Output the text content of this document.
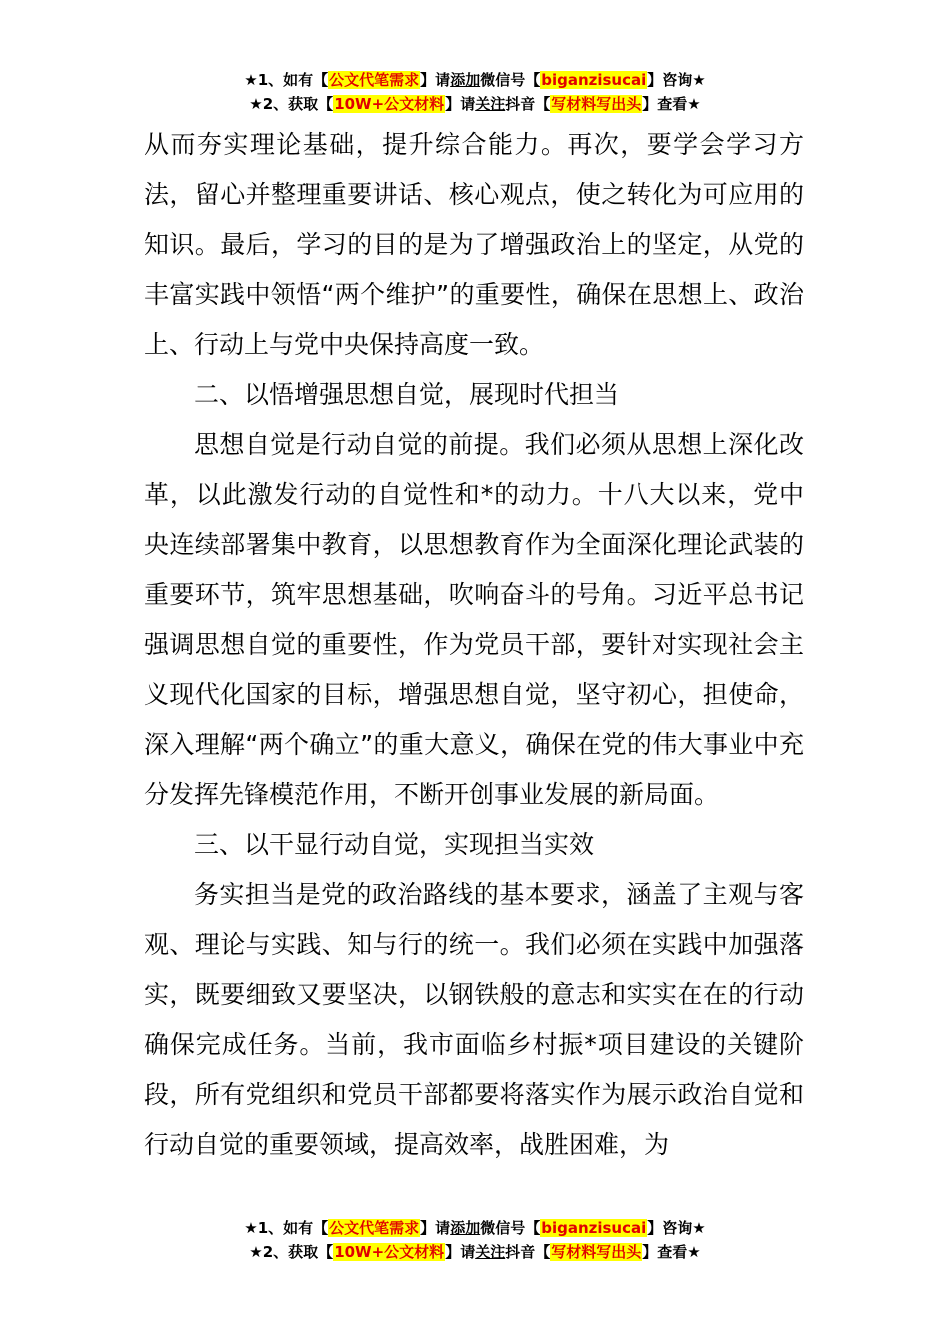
★1、如有【公文代笔需求】请添加微信号【biganzisucai】咨询★
★2、获取【10W+公文材料】请关注抖音【写材料写出头】查看★

从而夯实理论基础，提升综合能力。再次，要学会学习方法，留心并整理重要讲话、核心观点，使之转化为可应用的知识。最后，学习的目的是为了增强政治上的坚定，从党的丰富实践中领悟“两个维护”的重要性，确保在思想上、政治上、行动上与党中央保持高度一致。

二、以悟增强思想自觉，展现时代担当

思想自觉是行动自觉的前提。我们必须从思想上深化改革，以此激发行动的自觉性和*的动力。十八大以来，党中央连续部署集中教育，以思想教育作为全面深化理论武装的重要环节，筑牢思想基础，吹响奋斗的号角。习近平总书记强调思想自觉的重要性，作为党员干部，要针对实现社会主义现代化国家的目标，增强思想自觉，坚守初心，担使命，深入理解“两个确立”的重大意义，确保在党的伟大事业中充分发挥先锋模范作用，不断开创事业发展的新局面。

三、以干显行动自觉，实现担当实效

务实担当是党的政治路线的基本要求，涵盖了主观与客观、理论与实践、知与行的统一。我们必须在实践中加强落实，既要细致又要坚决，以钢铁般的意志和实实在在的行动确保完成任务。当前，我市面临乡村振*项目建设的关键阶段，所有党组织和党员干部都要将落实作为展示政治自觉和行动自觉的重要领域，提高效率，战胜困难，为

★1、如有【公文代笔需求】请添加微信号【biganzisucai】咨询★
★2、获取【10W+公文材料】请关注抖音【写材料写出头】查看★
